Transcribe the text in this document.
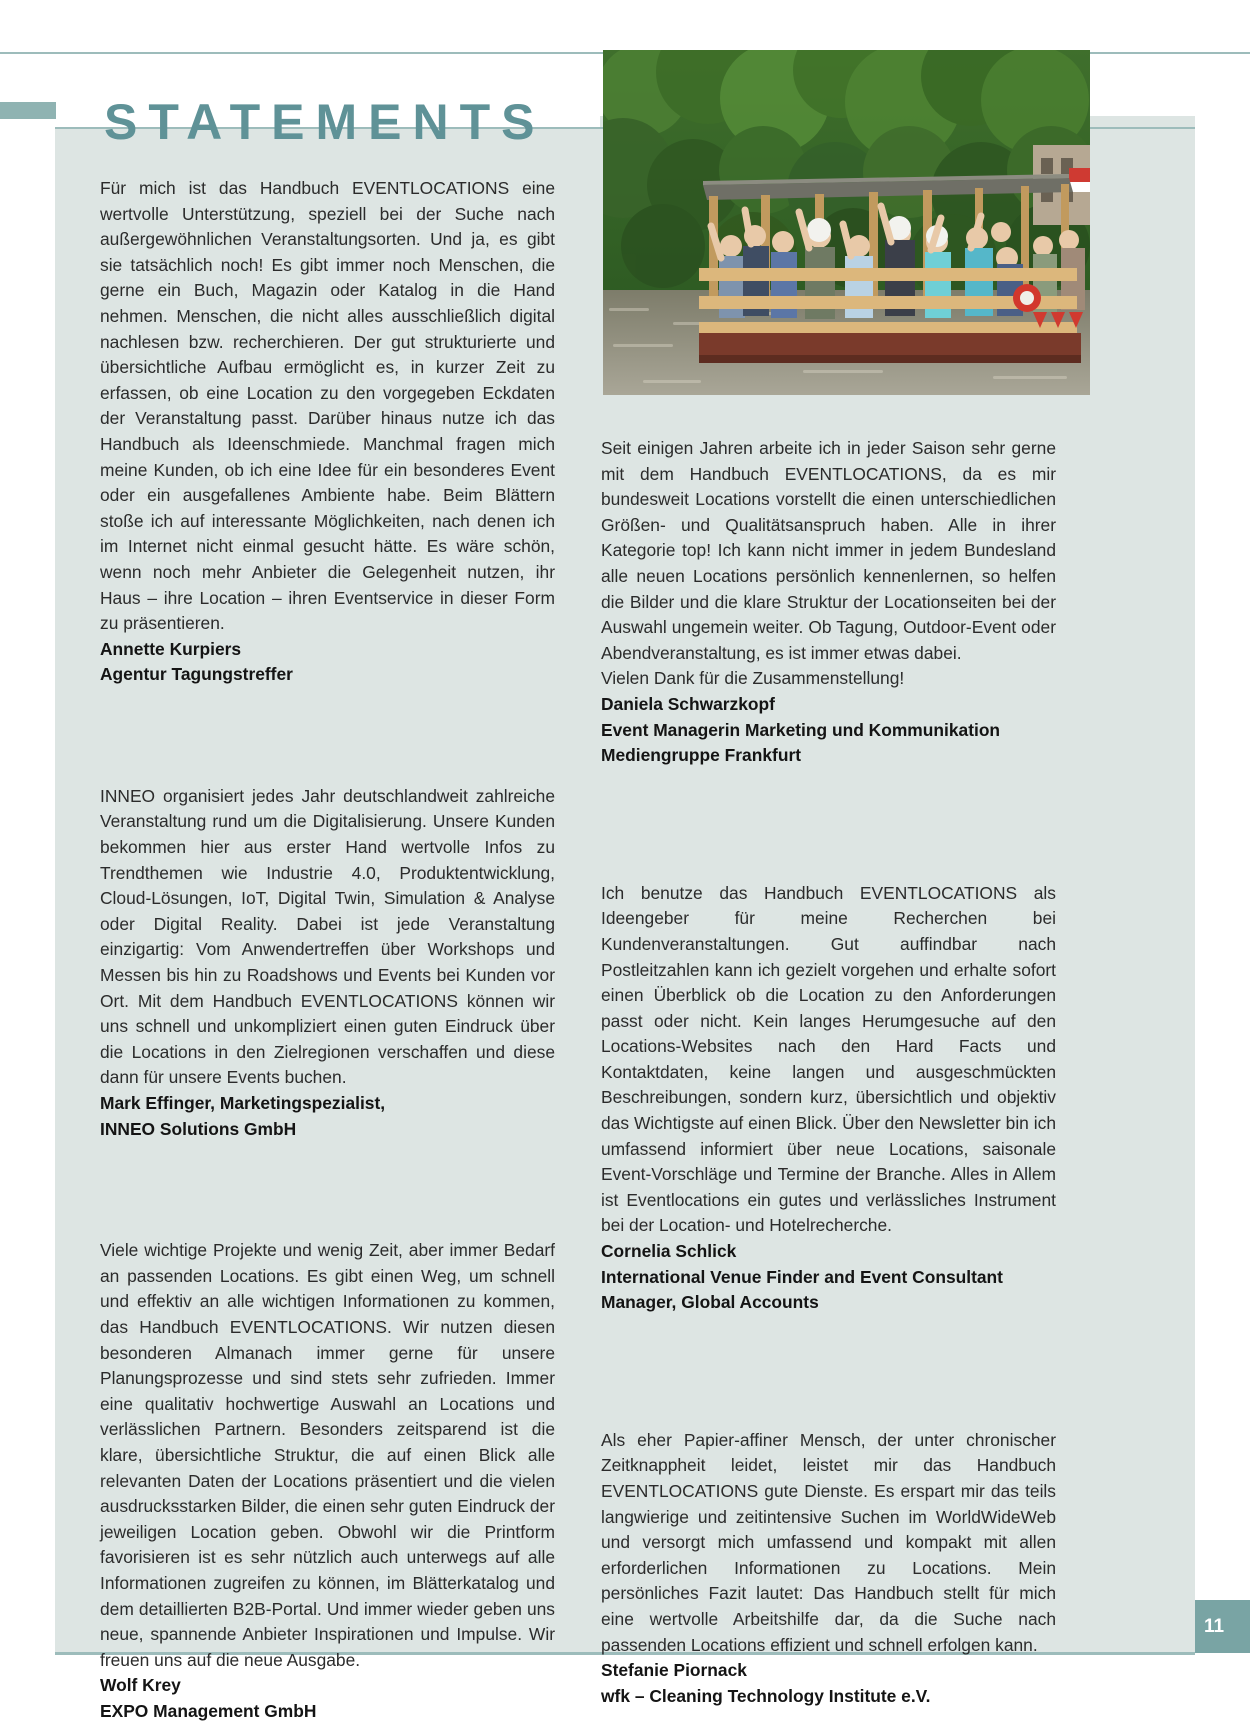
STATEMENTS

Für mich ist das Handbuch EVENTLOCATIONS eine wertvolle Unterstützung, speziell bei der Suche nach außergewöhnlichen Veranstaltungsorten. Und ja, es gibt sie tatsächlich noch! Es gibt immer noch Menschen, die gerne ein Buch, Magazin oder Katalog in die Hand nehmen. Menschen, die nicht alles ausschließlich digital nachlesen bzw. recherchieren. Der gut strukturierte und übersichtliche Aufbau ermöglicht es, in kurzer Zeit zu erfassen, ob eine Location zu den vorgegeben Eckdaten der Veranstaltung passt. Darüber hinaus nutze ich das Handbuch als Ideenschmiede. Manchmal fragen mich meine Kunden, ob ich eine Idee für ein besonderes Event oder ein ausgefallenes Ambiente habe. Beim Blättern stoße ich auf interessante Möglichkeiten, nach denen ich im Internet nicht einmal gesucht hätte. Es wäre schön, wenn noch mehr Anbieter die Gelegenheit nutzen, ihr Haus – ihre Location – ihren Eventservice in dieser Form zu präsentieren.

Annette Kurpiers

Agentur Tagungstreffer

INNEO organisiert jedes Jahr deutschlandweit zahlreiche Veranstaltung rund um die Digitalisierung. Unsere Kunden bekommen hier aus erster Hand wertvolle Infos zu Trendthemen wie Industrie 4.0, Produktentwicklung, Cloud-Lösungen, IoT, Digital Twin, Simulation & Analyse oder Digital Reality. Dabei ist jede Veranstaltung einzigartig: Vom Anwendertreffen über Workshops und Messen bis hin zu Roadshows und Events bei Kunden vor Ort. Mit dem Handbuch EVENTLOCATIONS können wir uns schnell und unkompliziert einen guten Eindruck über die Locations in den Zielregionen verschaffen und diese dann für unsere Events buchen.

Mark Effinger, Marketingspezialist,

INNEO Solutions GmbH

Viele wichtige Projekte und wenig Zeit, aber immer Bedarf an passenden Locations. Es gibt einen Weg, um schnell und effektiv an alle wichtigen Informationen zu kommen, das Handbuch EVENTLOCATIONS. Wir nutzen diesen besonderen Almanach immer gerne für unsere Planungsprozesse und sind stets sehr zufrieden. Immer eine qualitativ hochwertige Auswahl an Locations und verlässlichen Partnern. Besonders zeitsparend ist die klare, übersichtliche Struktur, die auf einen Blick alle relevanten Daten der Locations präsentiert und die vielen ausdrucksstarken Bilder, die einen sehr guten Eindruck der jeweiligen Location geben. Obwohl wir die Printform favorisieren ist es sehr nützlich auch unterwegs auf alle Informationen zugreifen zu können, im Blätterkatalog und dem detaillierten B2B-Portal. Und immer wieder geben uns neue, spannende Anbieter Inspirationen und Impulse. Wir freuen uns auf die neue Ausgabe.

Wolf Krey

EXPO Management GmbH

Seit einigen Jahren arbeite ich in jeder Saison sehr gerne mit dem Handbuch EVENTLOCATIONS, da es mir bundesweit Locations vorstellt die einen unterschiedlichen Größen- und Qualitätsanspruch haben. Alle in ihrer Kategorie top! Ich kann nicht immer in jedem Bundesland alle neuen Locations persönlich kennenlernen, so helfen die Bilder und die klare Struktur der Locationseiten bei der Auswahl ungemein weiter. Ob Tagung, Outdoor-Event oder Abendveranstaltung, es ist immer etwas dabei.

Vielen Dank für die Zusammenstellung!

Daniela Schwarzkopf

Event Managerin Marketing und Kommunikation

Mediengruppe Frankfurt

Ich benutze das Handbuch EVENTLOCATIONS als Ideengeber für meine Recherchen bei Kundenveranstaltungen. Gut auffindbar nach Postleitzahlen kann ich gezielt vorgehen und erhalte sofort einen Überblick ob die Location zu den Anforderungen passt oder nicht. Kein langes Herumgesuche auf den Locations-Websites nach den Hard Facts und Kontaktdaten, keine langen und ausgeschmückten Beschreibungen, sondern kurz, übersichtlich und objektiv das Wichtigste auf einen Blick. Über den Newsletter bin ich umfassend informiert über neue Locations, saisonale Event-Vorschläge und Termine der Branche. Alles in Allem ist Eventlocations ein gutes und verlässliches Instrument bei der Location- und Hotelrecherche.

Cornelia Schlick

International Venue Finder and Event Consultant

Manager, Global Accounts

Als eher Papier-affiner Mensch, der unter chronischer Zeitknappheit leidet, leistet mir das Handbuch EVENTLOCATIONS gute Dienste. Es erspart mir das teils langwierige und zeitintensive Suchen im WorldWideWeb und versorgt mich umfassend und kompakt mit allen erforderlichen Informationen zu Locations. Mein persönliches Fazit lautet: Das Handbuch stellt für mich eine wertvolle Arbeitshilfe dar, da die Suche nach passenden Locations effizient und schnell erfolgen kann.

Stefanie Piornack

wfk – Cleaning Technology Institute e.V.

11
